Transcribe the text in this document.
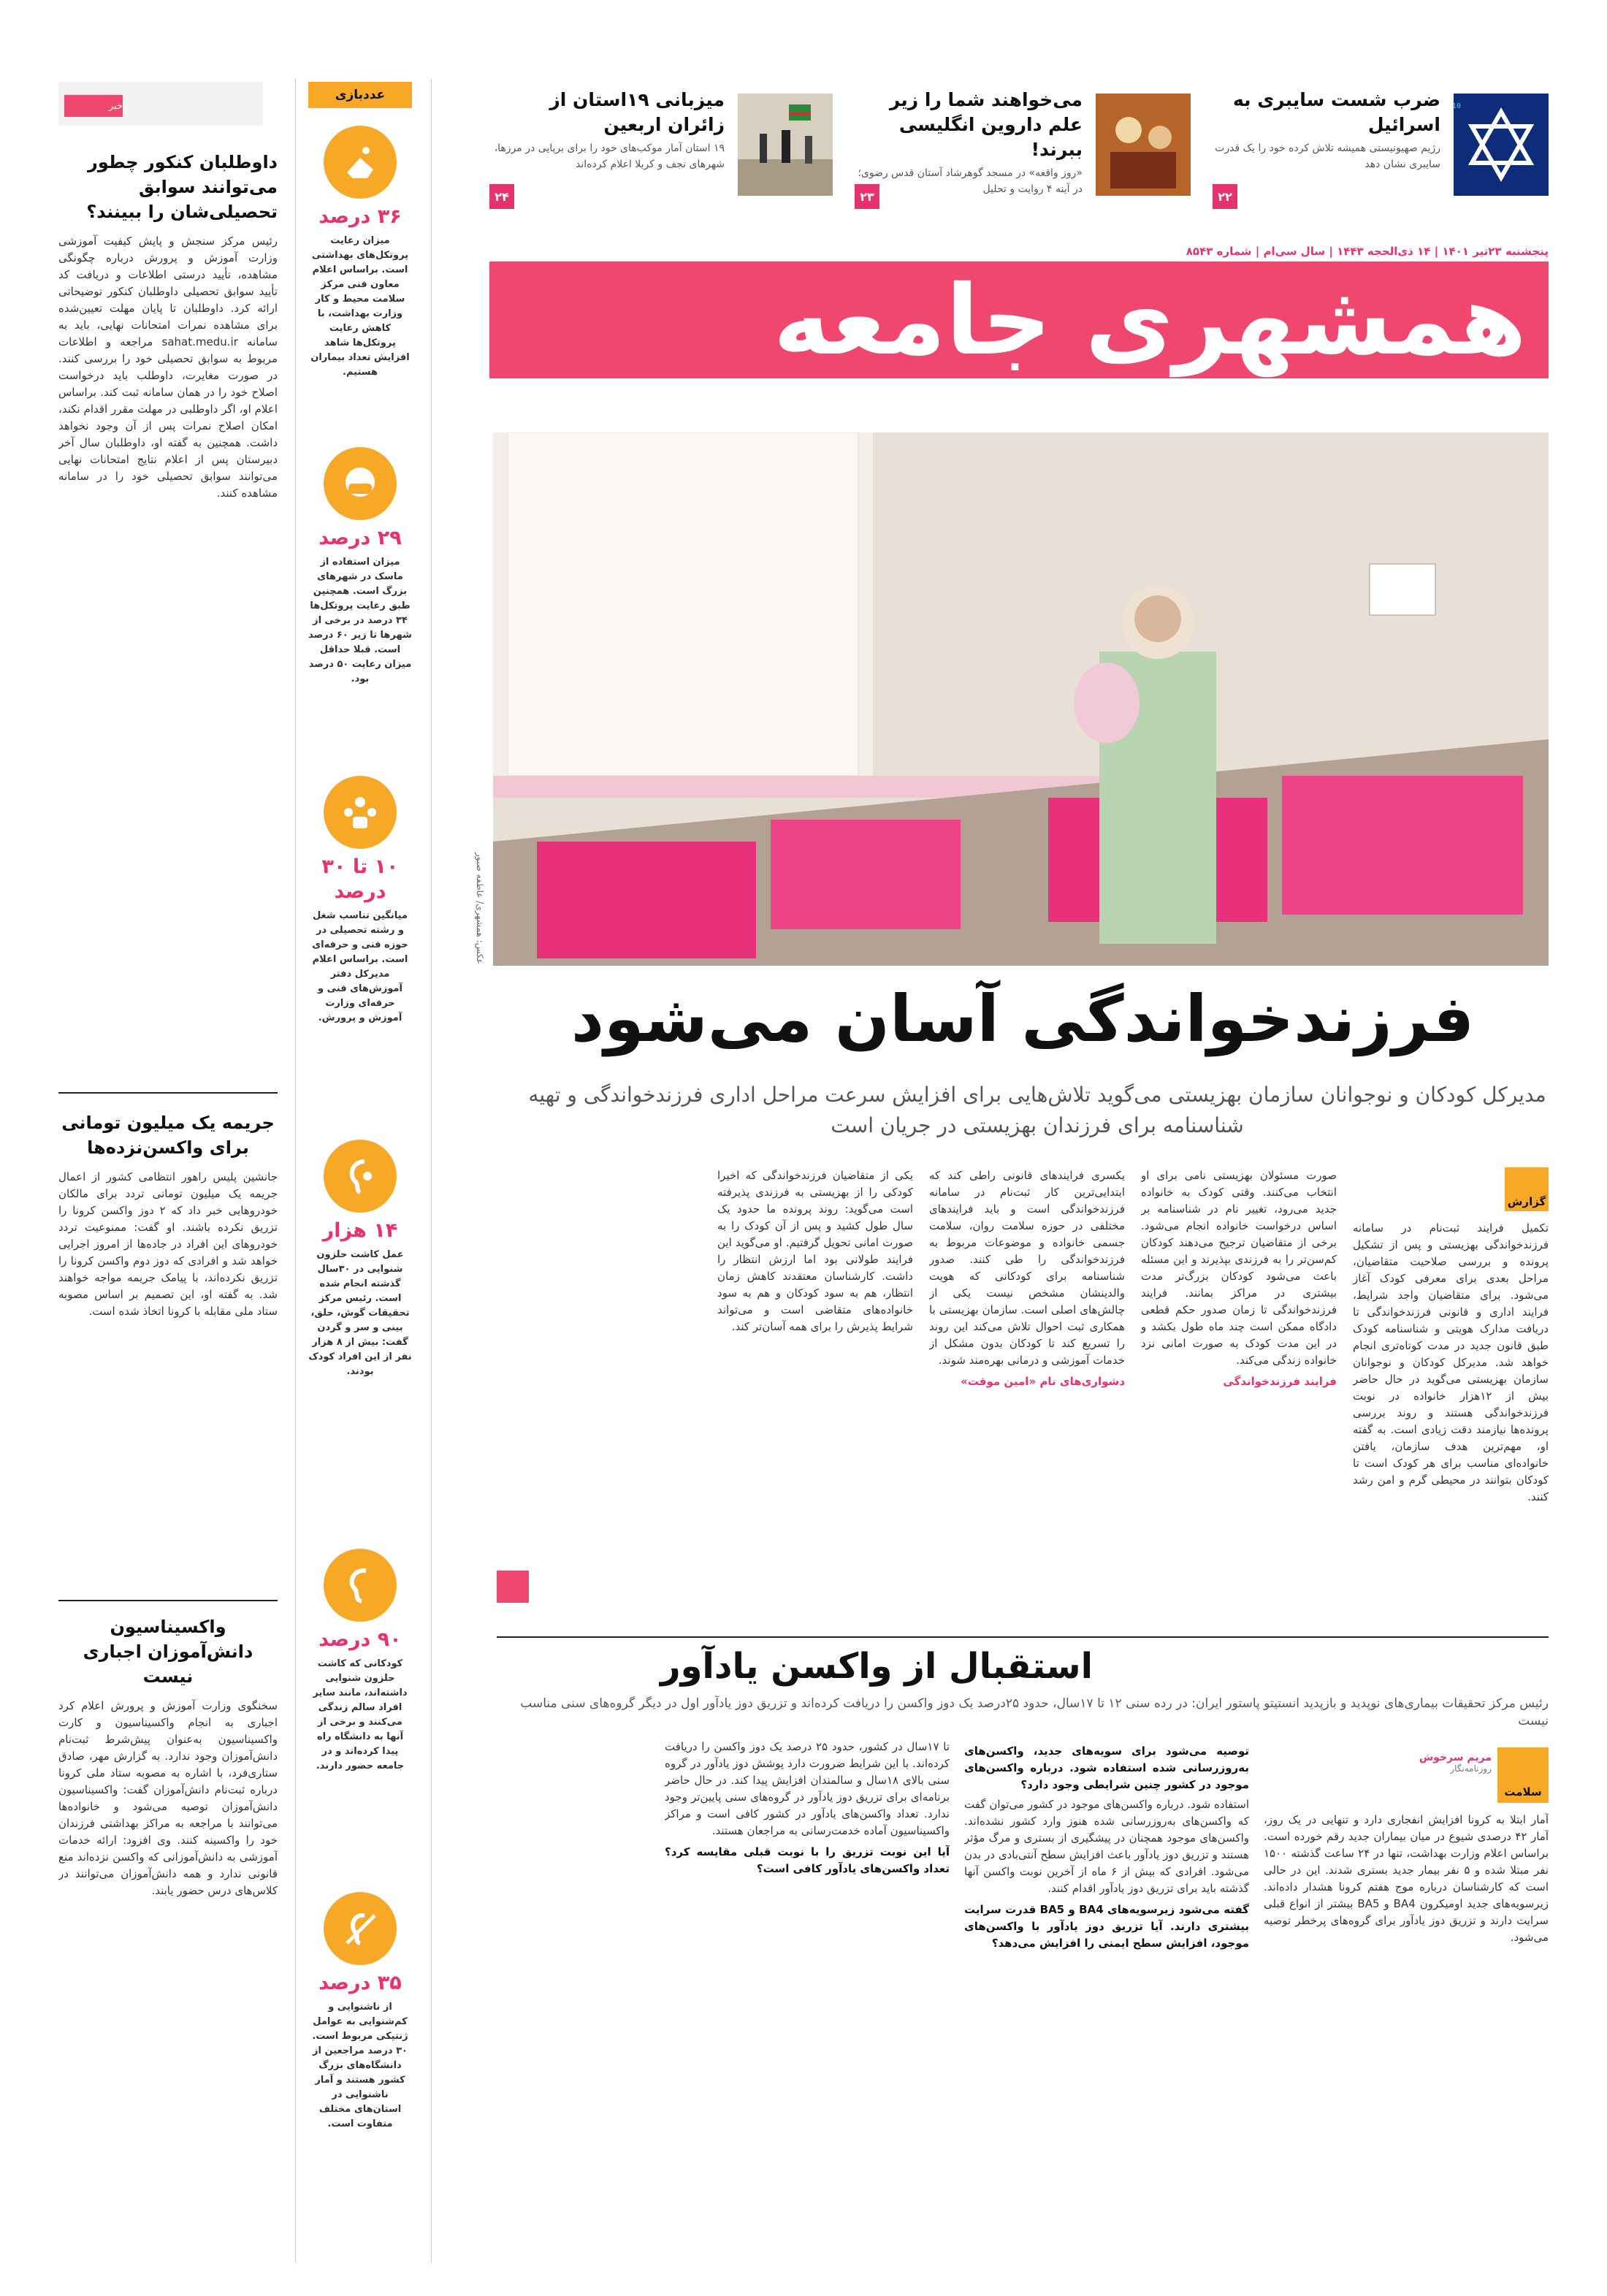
10
ضرب شست سایبری به اسرائیل
رژیم صهیونیستی همیشه تلاش کرده خود را یک قدرت سایبری نشان دهد
۲۲
می‌خواهند شما را زیر علم داروین انگلیسی ببرند!
«روز واقعه» در مسجد گوهرشاد آستان قدس رضوی؛ در آینه ۴ روایت و تحلیل
۲۳
میزبانی ۱۹استان از زائران اربعین
۱۹ استان آمار موکب‌های خود را برای برپایی در مرزها، شهرهای نجف و کربلا اعلام کرده‌اند
۲۴
پنجشنبه ۲۳تیر ۱۴۰۱ | ۱۴ ذی‌الحجه ۱۴۴۳ | سال سی‌ام | شماره ۸۵۴۳
همشهری جامعه
عکس: همشهری/ عاطفه صبور
فرزندخواندگی آسان می‌شود
مدیرکل کودکان و نوجوانان سازمان بهزیستی می‌گوید تلاش‌هایی برای افزایش سرعت مراحل اداری فرزندخواندگی و تهیه شناسنامه برای فرزندان بهزیستی در جریان است
گزارش

تکمیل فرایند ثبت‌نام در سامانه فرزندخواندگی بهزیستی و پس از تشکیل پرونده و بررسی صلاحیت متقاضیان، مراحل بعدی برای معرفی کودک آغاز می‌شود. برای متقاضیان واجد شرایط، فرایند اداری و قانونی فرزندخواندگی تا دریافت مدارک هویتی و شناسنامه کودک طبق قانون جدید در مدت کوتاه‌تری انجام خواهد شد. مدیرکل کودکان و نوجوانان سازمان بهزیستی می‌گوید در حال حاضر بیش از ۱۲هزار خانواده در نوبت فرزندخواندگی هستند و روند بررسی پرونده‌ها نیازمند دقت زیادی است. به گفته او، مهم‌ترین هدف سازمان، یافتن خانواده‌ای مناسب برای هر کودک است تا کودکان بتوانند در محیطی گرم و امن رشد کنند.

صورت مسئولان بهزیستی نامی برای او انتخاب می‌کنند. وقتی کودک به خانواده جدید می‌رود، تغییر نام در شناسنامه بر اساس درخواست خانواده انجام می‌شود. برخی از متقاضیان ترجیح می‌دهند کودکان کم‌سن‌تر را به فرزندی بپذیرند و این مسئله باعث می‌شود کودکان بزرگ‌تر مدت بیشتری در مراکز بمانند. فرایند فرزندخواندگی تا زمان صدور حکم قطعی دادگاه ممکن است چند ماه طول بکشد و در این مدت کودک به صورت امانی نزد خانواده زندگی می‌کند.

فرایند فرزندخواندگی

یکسری فرایندهای قانونی راطی کند که ابتدایی‌ترین کار ثبت‌نام در سامانه فرزندخواندگی است و باید فرایندهای مختلفی در حوزه سلامت روان، سلامت جسمی خانواده و موضوعات مربوط به فرزندخواندگی را طی کنند. صدور شناسنامه برای کودکانی که هویت والدینشان مشخص نیست یکی از چالش‌های اصلی است. سازمان بهزیستی با همکاری ثبت احوال تلاش می‌کند این روند را تسریع کند تا کودکان بدون مشکل از خدمات آموزشی و درمانی بهره‌مند شوند.

دشواری‌های نام «امین موقت»

یکی از متقاضیان فرزندخواندگی که اخیرا کودکی را از بهزیستی به فرزندی پذیرفته است می‌گوید: روند پرونده ما حدود یک سال طول کشید و پس از آن کودک را به صورت امانی تحویل گرفتیم. او می‌گوید این فرایند طولانی بود اما ارزش انتظار را داشت. کارشناسان معتقدند کاهش زمان انتظار، هم به سود کودکان و هم به سود خانواده‌های متقاضی است و می‌تواند شرایط پذیرش را برای همه آسان‌تر کند.

استقبال از واکسن یادآور
رئیس مرکز تحقیقات بیماری‌های نوپدید و بازپدید انستیتو پاستور ایران: در رده سنی ۱۲ تا ۱۷سال، حدود ۲۵درصد یک دوز واکسن را دریافت کرده‌اند و تزریق دوز یادآور اول در دیگر گروه‌های سنی مناسب نیست
سلامت
مریم سرخوش
روزنامه‌نگار

آمار ابتلا به کرونا افزایش انفجاری دارد و تنهایی در یک روز، آمار ۴۲ درصدی شیوع در میان بیماران جدید رقم خورده است. براساس اعلام وزارت بهداشت، تنها در ۲۴ ساعت گذشته ۱۵۰۰ نفر مبتلا شده و ۵ نفر بیمار جدید بستری شدند. این در حالی است که کارشناسان درباره موج هفتم کرونا هشدار داده‌اند. زیرسویه‌های جدید اومیکرون BA4 و BA5 بیشتر از انواع قبلی سرایت دارند و تزریق دوز یادآور برای گروه‌های پرخطر توصیه می‌شود.

توصیه می‌شود برای سویه‌های جدید، واکسن‌های به‌روزرسانی شده استفاده شود. درباره واکسن‌های موجود در کشور چنین شرایطی وجود دارد؟

استفاده شود. درباره واکسن‌های موجود در کشور می‌توان گفت که واکسن‌های به‌روزرسانی شده هنوز وارد کشور نشده‌اند. واکسن‌های موجود همچنان در پیشگیری از بستری و مرگ مؤثر هستند و تزریق دوز یادآور باعث افزایش سطح آنتی‌بادی در بدن می‌شود. افرادی که بیش از ۶ ماه از آخرین نوبت واکسن آنها گذشته باید برای تزریق دوز یادآور اقدام کنند.

گفته می‌شود زیرسویه‌های BA4 و BA5 قدرت سرایت بیشتری دارند. آیا تزریق دوز یادآور با واکسن‌های موجود، افزایش سطح ایمنی را افزایش می‌دهد؟

تا ۱۷سال در کشور، حدود ۲۵ درصد یک دوز واکسن را دریافت کرده‌اند. با این شرایط ضرورت دارد پوشش دوز یادآور در گروه سنی بالای ۱۸سال و سالمندان افزایش پیدا کند. در حال حاضر برنامه‌ای برای تزریق دوز یادآور در گروه‌های سنی پایین‌تر وجود ندارد. تعداد واکسن‌های یادآور در کشور کافی است و مراکز واکسیناسیون آماده خدمت‌رسانی به مراجعان هستند.

آیا این نوبت تزریق را با نوبت قبلی مقایسه کرد؟ تعداد واکسن‌های یادآور کافی است؟
عددبازی
۳۶ درصد
میزان رعایت پروتکل‌های بهداشتی است. براساس اعلام معاون فنی مرکز سلامت محیط و کار وزارت بهداشت، با کاهش رعایت پروتکل‌ها شاهد افزایش تعداد بیماران هستیم.
۲۹ درصد
میزان استفاده از ماسک در شهرهای بزرگ است. همچنین طبق رعایت پروتکل‌ها ۳۴ درصد در برخی از شهرها تا زیر ۶۰ درصد است. قبلا حداقل میزان رعایت ۵۰ درصد بود.
۱۰ تا ۳۰ درصد
میانگین تناسب شغل و رشته تحصیلی در حوزه فنی و حرفه‌ای است. براساس اعلام مدیرکل دفتر آموزش‌های فنی و حرفه‌ای وزارت آموزش و پرورش.
۱۴ هزار
عمل کاشت حلزون شنوایی در ۳۰سال گذشته انجام شده است. رئیس مرکز تحقیقات گوش، حلق، بینی و سر و گردن گفت: بیش از ۸ هزار نفر از این افراد کودک بودند.
۹۰ درصد
کودکانی که کاشت حلزون شنوایی داشته‌اند، مانند سایر افراد سالم زندگی می‌کنند و برخی از آنها به دانشگاه راه پیدا کرده‌اند و در جامعه حضور دارند.
۳۵ درصد
از ناشنوایی و کم‌شنوایی به عوامل ژنتیکی مربوط است. ۳۰ درصد مراجعین از دانشگاه‌های بزرگ کشور هستند و آمار ناشنوایی در استان‌های مختلف متفاوت است.
خبر
داوطلبان کنکور چطور می‌توانند سوابق تحصیلی‌شان را ببینند؟
رئیس مرکز سنجش و پایش کیفیت آموزشی وزارت آموزش و پرورش درباره چگونگی مشاهده، تأیید درستی اطلاعات و دریافت کد تأیید سوابق تحصیلی داوطلبان کنکور توضیحاتی ارائه کرد. داوطلبان تا پایان مهلت تعیین‌شده برای مشاهده نمرات امتحانات نهایی، باید به سامانه sahat.medu.ir مراجعه و اطلاعات مربوط به سوابق تحصیلی خود را بررسی کنند. در صورت مغایرت، داوطلب باید درخواست اصلاح خود را در همان سامانه ثبت کند. براساس اعلام او، اگر داوطلبی در مهلت مقرر اقدام نکند، امکان اصلاح نمرات پس از آن وجود نخواهد داشت. همچنین به گفته او، داوطلبان سال آخر دبیرستان پس از اعلام نتایج امتحانات نهایی می‌توانند سوابق تحصیلی خود را در سامانه مشاهده کنند.
جریمه یک میلیون تومانی برای واکسن‌نزده‌ها
جانشین پلیس راهور انتظامی کشور از اعمال جریمه یک میلیون تومانی تردد برای مالکان خودروهایی خبر داد که ۲ دوز واکسن کرونا را تزریق نکرده باشند. او گفت: ممنوعیت تردد خودروهای این افراد در جاده‌ها از امروز اجرایی خواهد شد و افرادی که دوز دوم واکسن کرونا را تزریق نکرده‌اند، با پیامک جریمه مواجه خواهند شد. به گفته او، این تصمیم بر اساس مصوبه ستاد ملی مقابله با کرونا اتخاذ شده است.
واکسیناسیون دانش‌آموزان اجباری نیست
سخنگوی وزارت آموزش و پرورش اعلام کرد اجباری به انجام واکسیناسیون و کارت واکسیناسیون به‌عنوان پیش‌شرط ثبت‌نام دانش‌آموزان وجود ندارد. به گزارش مهر، صادق ستاری‌فرد، با اشاره به مصوبه ستاد ملی کرونا درباره ثبت‌نام دانش‌آموزان گفت: واکسیناسیون دانش‌آموزان توصیه می‌شود و خانواده‌ها می‌توانند با مراجعه به مراکز بهداشتی فرزندان خود را واکسینه کنند. وی افزود: ارائه خدمات آموزشی به دانش‌آموزانی که واکسن نزده‌اند منع قانونی ندارد و همه دانش‌آموزان می‌توانند در کلاس‌های درس حضور یابند.
